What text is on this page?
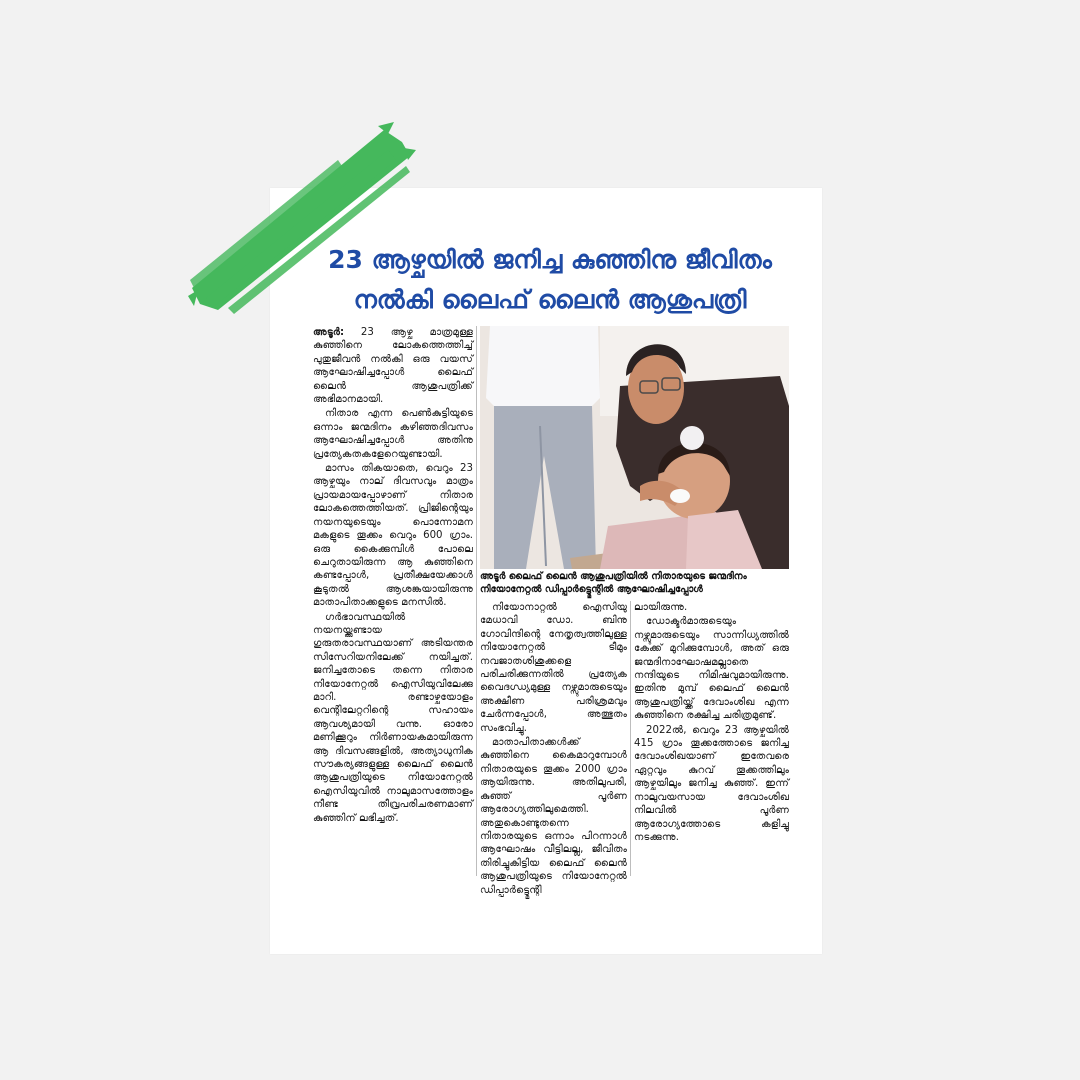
23 ആഴ്ചയിൽ ജനിച്ച കുഞ്ഞിനു ജീവിതം
നൽകി ലൈഫ് ലൈൻ ആശുപത്രി

അടൂർ: 23 ആഴ്ച മാത്രമുള്ള കുഞ്ഞിനെ ലോകത്തെത്തിച്ച് പുതുജീവൻ നൽകി ഒരു വയസ് ആഘോഷിച്ചപ്പോൾ ലൈഫ് ലൈൻ ആശുപത്രിക്ക് അഭിമാനമായി.

നിതാര എന്ന പെൺകുട്ടിയുടെ ഒന്നാം ജന്മദിനം കഴിഞ്ഞദിവസം ആഘോഷിച്ചപ്പോൾ അതിനു പ്രത്യേകതകളേറെയുണ്ടായി.

മാസം തികയാതെ, വെറും 23 ആഴ്ചയും നാല് ദിവസവും മാത്രം പ്രായമായപ്പോഴാണ് നിതാര ലോകത്തെത്തിയത്. പ്രിജിന്റെയും നയനയുടെയും പൊന്നോമന മകളുടെ തൂക്കം വെറും 600 ഗ്രാം. ഒരു കൈക്കുമ്പിൾ പോലെ ചെറുതായിരുന്ന ആ കുഞ്ഞിനെ കണ്ടപ്പോൾ, പ്രതീക്ഷയേക്കാൾ കൂടുതൽ ആശങ്കയായിരുന്നു മാതാപിതാക്കളുടെ മനസിൽ.

ഗർഭാവസ്ഥയിൽ നയനയ്ക്കുണ്ടായ ഗുരുതരാവസ്ഥയാണ് അടിയന്തര സിസേറിയനിലേക്ക് നയിച്ചത്. ജനിച്ചതോടെ തന്നെ നിതാര നിയോനേറ്റൽ ഐസിയുവിലേക്കു മാറി. രണ്ടാഴ്ചയോളം വെന്റിലേറ്ററിന്റെ സഹായം ആവശ്യമായി വന്നു. ഓരോ മണിക്കൂറും നിർണായകമായിരുന്ന ആ ദിവസങ്ങളിൽ, അത്യാധുനിക സൗകര്യങ്ങളുള്ള ലൈഫ് ലൈൻ ആശുപത്രിയുടെ നിയോനേറ്റൽ ഐസിയുവിൽ നാലുമാസത്തോളം നീണ്ട തീവ്രപരിചരണമാണ് കുഞ്ഞിന് ലഭിച്ചത്.

അടൂർ ലൈഫ് ലൈൻ ആശുപത്രിയിൽ നിതാരയുടെ ജന്മദിനം
നിയോനേറ്റൽ ഡിപ്പാർട്ട്മെന്റിൽ ആഘോഷിച്ചപ്പോൾ

നിയോനാറ്റൽ ഐസിയു മേധാവി ഡോ. ബിനു ഗോവിന്ദിന്റെ നേതൃത്വത്തിലുള്ള നിയോനേറ്റൽ ടീമും നവജാതശിശുക്കളെ പരിചരിക്കുന്നതിൽ പ്രത്യേക വൈദഗ്ധ്യമുള്ള നഴ്സുമാരുടെയും അക്ഷീണ പരിശ്രമവും ചേർന്നപ്പോൾ, അത്ഭുതം സംഭവിച്ചു.

മാതാപിതാക്കൾക്ക് കുഞ്ഞിനെ കൈമാറുമ്പോൾ നിതാരയുടെ തൂക്കം 2000 ഗ്രാം ആയിരുന്നു. അതിലുപരി, കുഞ്ഞ് പൂർണ ആരോഗ്യത്തിലുമെത്തി. അതുകൊണ്ടുതന്നെ നിതാരയുടെ ഒന്നാം പിറന്നാൾ ആഘോഷം വീട്ടിലല്ല, ജീവിതം തിരിച്ചുകിട്ടിയ ലൈഫ് ലൈൻ ആശുപത്രിയുടെ നിയോനേറ്റൽ ഡിപ്പാർട്ട്മെന്റി

ലായിരുന്നു.

ഡോക്ടർമാരുടെയും നഴ്സുമാരുടെയും സാന്നിധ്യത്തിൽ കേക്ക് മുറിക്കുമ്പോൾ, അത് ഒരു ജന്മദിനാഘോഷമല്ലാതെ നന്ദിയുടെ നിമിഷവുമായിരുന്നു. ഇതിനു മുമ്പ് ലൈഫ് ലൈൻ ആശുപത്രിയ്ക്ക് ദേവാംശിഖ എന്ന കുഞ്ഞിനെ രക്ഷിച്ച ചരിത്രമുണ്ട്.

2022ൽ, വെറും 23 ആഴ്ചയിൽ 415 ഗ്രാം തൂക്കത്തോടെ ജനിച്ച ദേവാംശിഖയാണ് ഇതേവരെ ഏറ്റവും കുറവ് തൂക്കത്തിലും ആഴ്ചയിലും ജനിച്ച കുഞ്ഞ്. ഇന്ന് നാലുവയസായ ദേവാംശിഖ നിലവിൽ പൂർണ ആരോഗ്യത്തോടെ കളിച്ചു നടക്കുന്നു.
